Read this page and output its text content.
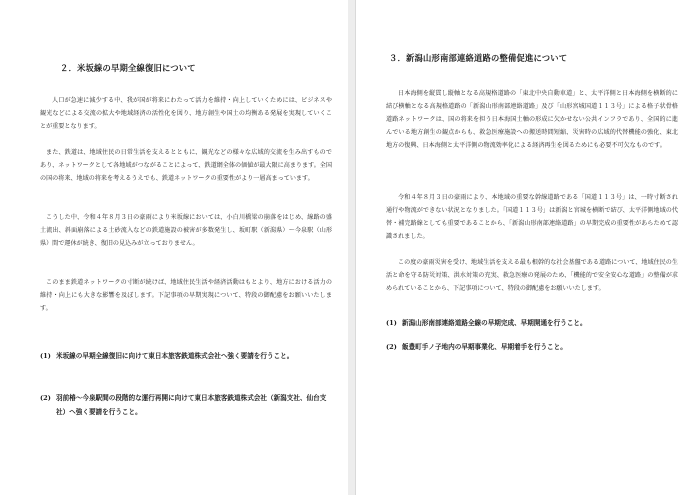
２．米坂線の早期全線復旧について
人口が急速に減少する中、我が国が将来にわたって活力を維持・向上していくためには、ビジネスや観光などによる交流の拡大や地域経済の活性化を図り、地方創生や国土の均衡ある発展を実現していくことが重要となります。
また、鉄道は、地域住民の日常生活を支えるとともに、観光などの様々な広域的交流を生み出すものであり、ネットワークとして各地域がつながることによって、鉄道網全体の価値が最大限に高まります。全国の国の将来、地域の将来を考えるうえでも、鉄道ネットワークの重要性がより一層高まっています。
こうした中、令和４年８月３日の豪雨により米坂線においては、小白川橋梁の崩落をはじめ、線路の盛土流出、斜面崩落による土砂流入などの鉄道施設の被害が多数発生し、坂町駅（新潟県）～今泉駅（山形県）間で運休が続き、復旧の見込みが立っておりません。
このまま鉄道ネットワークの寸断が続けば、地域住民生活や経済活動はもとより、地方における活力の維持・向上にも大きな影響を及ぼします。下記事項の早期実現について、特段の御配慮をお願いいたします。
(1) 米坂線の早期全線復旧に向けて東日本旅客鉄道株式会社へ強く要請を行うこと。
(2) 羽前椿～今泉駅間の段階的な運行再開に向けて東日本旅客鉄道株式会社（新潟支社、仙台支社）へ強く要請を行うこと。
３．新潟山形南部連絡道路の整備促進について
日本海側を縦貫し縦軸となる高規格道路の「東北中央自動車道」と、太平洋側と日本海側を横断的に結び横軸となる高規格道路の「新潟山形南部連絡道路」及び「山形宮城国道１１３号」による格子状骨格道路ネットワークは、国の将来を担う日本海国土軸の形成に欠かせない公共インフラであり、全国的に進んでいる地方創生の観点からも、救急医療施設への搬送時間短縮、災害時の広域的代替機能の強化、東北地方の復興、日本海側と太平洋側の物流効率化による経済再生を図るためにも必要不可欠なものです。
令和４年８月３日の豪雨により、本地域の重要な幹線道路である「国道１１３号」は、一時寸断され通行や物流ができない状況となりました。「国道１１３号」は新潟と宮城を横断で結び、太平洋側地域の代替・補完路線としても重要であることから、「新潟山形南部連絡道路」の早期完成の重要性があらためて認識されました。
この度の豪雨災害を受け、地域生活を支える最も根幹的な社会基盤である道路について、地域住民の生活と命を守る防災対策、洪水対策の充実、救急医療の発展のため、「機能的で安全安心な道路」の整備が求められていることから、下記事項について、特段の御配慮をお願いいたします。
(1) 新潟山形南部連絡道路全線の早期完成、早期開通を行うこと。
(2) 飯豊町手ノ子地内の早期事業化、早期着手を行うこと。
